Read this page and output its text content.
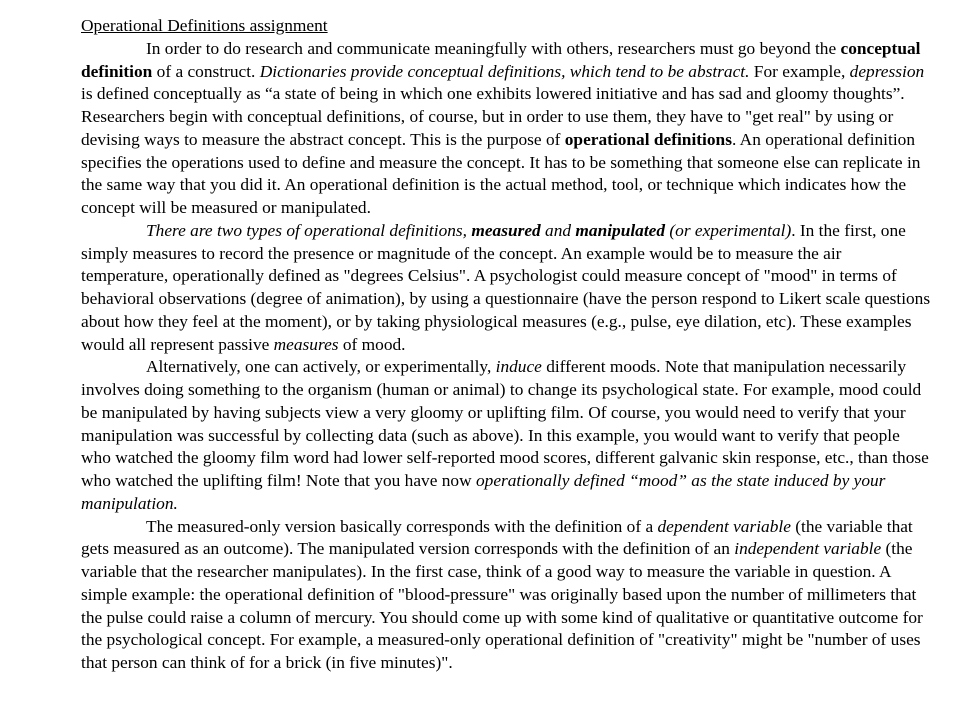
Operational Definitions assignment

In order to do research and communicate meaningfully with others, researchers must go beyond the conceptual definition of a construct. Dictionaries provide conceptual definitions, which tend to be abstract. For example, depression is defined conceptually as “a state of being in which one exhibits lowered initiative and has sad and gloomy thoughts”. Researchers begin with conceptual definitions, of course, but in order to use them, they have to "get real" by using or devising ways to measure the abstract concept. This is the purpose of operational definitions. An operational definition specifies the operations used to define and measure the concept. It has to be something that someone else can replicate in the same way that you did it. An operational definition is the actual method, tool, or technique which indicates how the concept will be measured or manipulated.

There are two types of operational definitions, measured and manipulated (or experimental). In the first, one simply measures to record the presence or magnitude of the concept. An example would be to measure the air temperature, operationally defined as "degrees Celsius". A psychologist could measure concept of "mood" in terms of behavioral observations (degree of animation), by using a questionnaire (have the person respond to Likert scale questions about how they feel at the moment), or by taking physiological measures (e.g., pulse, eye dilation, etc). These examples would all represent passive measures of mood.

Alternatively, one can actively, or experimentally, induce different moods. Note that manipulation necessarily involves doing something to the organism (human or animal) to change its psychological state. For example, mood could be manipulated by having subjects view a very gloomy or uplifting film. Of course, you would need to verify that your manipulation was successful by collecting data (such as above). In this example, you would want to verify that people who watched the gloomy film word had lower self-reported mood scores, different galvanic skin response, etc., than those who watched the uplifting film! Note that you have now operationally defined “mood” as the state induced by your manipulation.

The measured-only version basically corresponds with the definition of a dependent variable (the variable that gets measured as an outcome). The manipulated version corresponds with the definition of an independent variable (the variable that the researcher manipulates). In the first case, think of a good way to measure the variable in question. A simple example: the operational definition of "blood-pressure" was originally based upon the number of millimeters that the pulse could raise a column of mercury. You should come up with some kind of qualitative or quantitative outcome for the psychological concept. For example, a measured-only operational definition of "creativity" might be "number of uses that person can think of for a brick (in five minutes)".
